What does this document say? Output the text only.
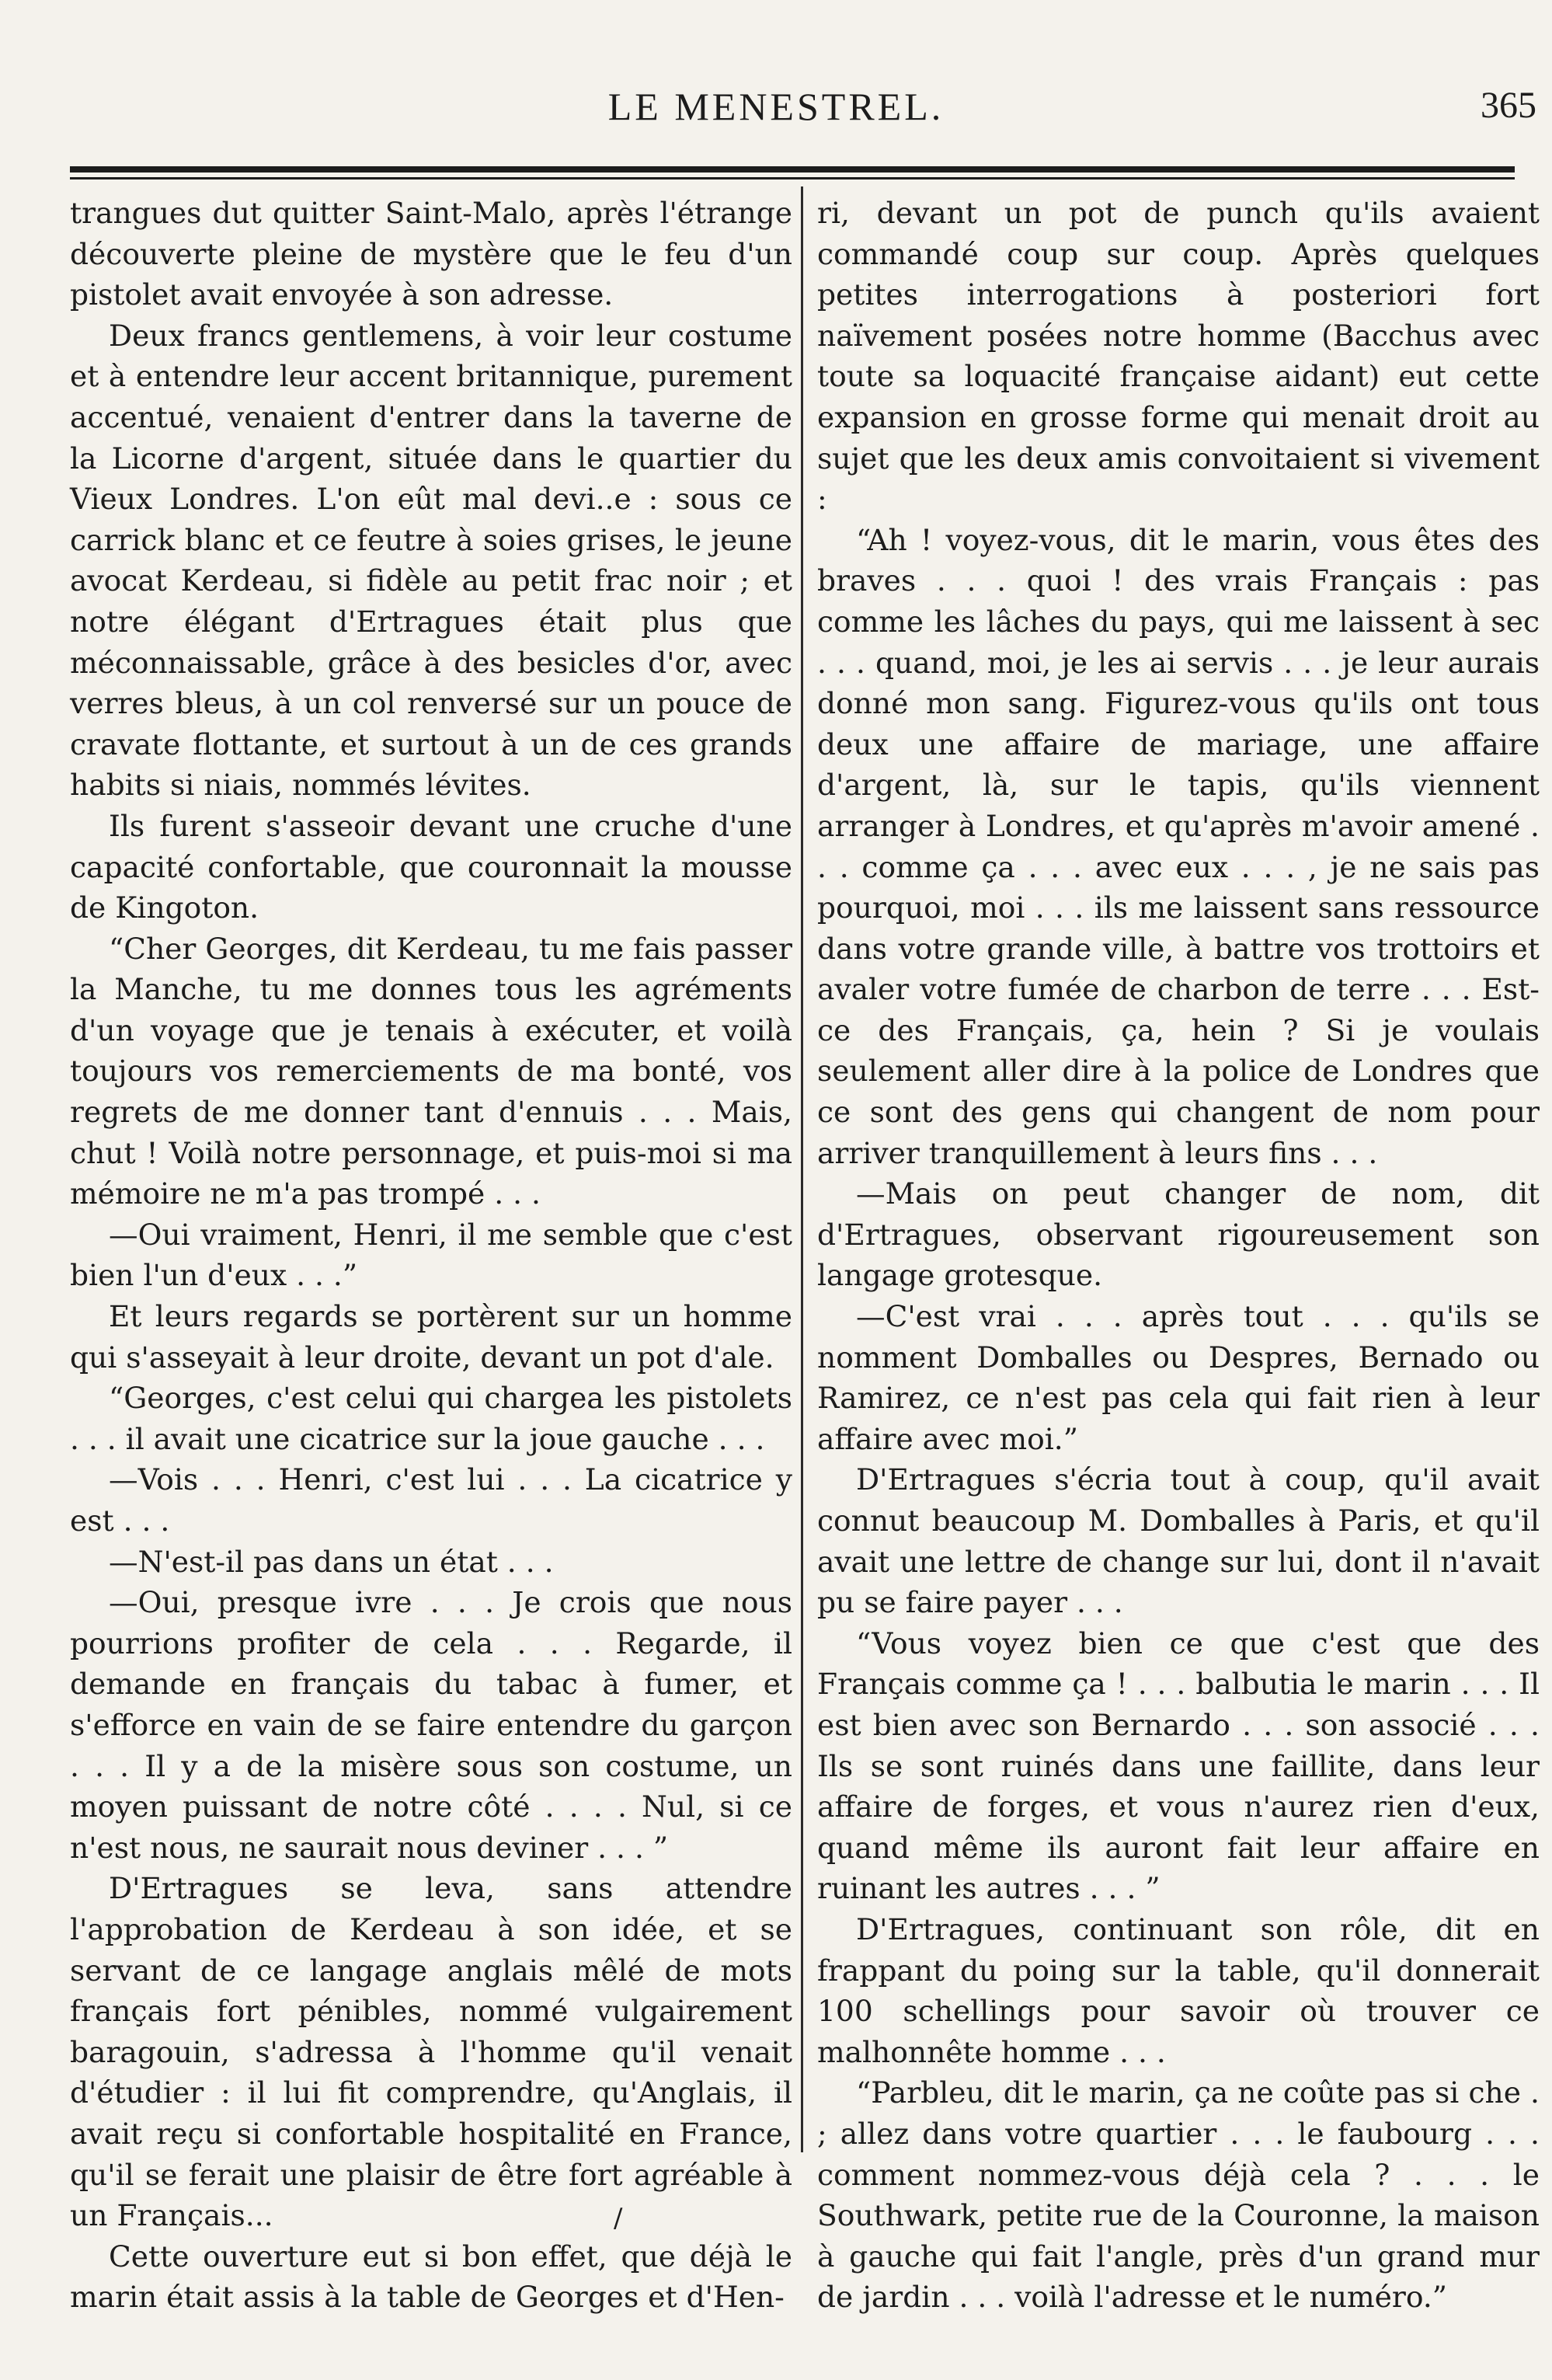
LE MENESTREL.	365

trangues dut quitter Saint-Malo, après l'étrange découverte pleine de mystère que le feu d'un pistolet avait envoyée à son adresse.

Deux francs gentlemens, à voir leur costume et à entendre leur accent britannique, purement accentué, venaient d'entrer dans la taverne de la Licorne d'argent, située dans le quartier du Vieux Londres. L'on eût mal devi..e : sous ce carrick blanc et ce feutre à soies grises, le jeune avocat Kerdeau, si fidèle au petit frac noir ; et notre élégant d'Ertragues était plus que méconnaissable, grâce à des besicles d'or, avec verres bleus, à un col renversé sur un pouce de cravate flottante, et surtout à un de ces grands habits si niais, nommés lévites.

Ils furent s'asseoir devant une cruche d'une capacité confortable, que couronnait la mousse de Kingoton.

“Cher Georges, dit Kerdeau, tu me fais passer la Manche, tu me donnes tous les agréments d'un voyage que je tenais à exécuter, et voilà toujours vos remerciements de ma bonté, vos regrets de me donner tant d'ennuis . . . Mais, chut ! Voilà notre personnage, et puis-moi si ma mémoire ne m'a pas trompé . . .

—Oui vraiment, Henri, il me semble que c'est bien l'un d'eux . . .”

Et leurs regards se portèrent sur un homme qui s'asseyait à leur droite, devant un pot d'ale.

“Georges, c'est celui qui chargea les pistolets . . . il avait une cicatrice sur la joue gauche . . .

—Vois . . . Henri, c'est lui . . . La cicatrice y est . . .

—N'est-il pas dans un état . . .

—Oui, presque ivre . . . Je crois que nous pourrions profiter de cela . . . Regarde, il demande en français du tabac à fumer, et s'efforce en vain de se faire entendre du garçon . . . Il y a de la misère sous son costume, un moyen puissant de notre côté . . . . Nul, si ce n'est nous, ne saurait nous deviner . . . ”

D'Ertragues se leva, sans attendre l'approbation de Kerdeau à son idée, et se servant de ce langage anglais mêlé de mots français fort pénibles, nommé vulgairement baragouin, s'adressa à l'homme qu'il venait d'étudier : il lui fit comprendre, qu'Anglais, il avait reçu si confortable hospitalité en France, qu'il se ferait une plaisir de être fort agréable à un Français...

Cette ouverture eut si bon effet, que déjà le marin était assis à la table de Georges et d'Hen-

ri, devant un pot de punch qu'ils avaient commandé coup sur coup. Après quelques petites interrogations à posteriori fort naïvement posées notre homme (Bacchus avec toute sa loquacité française aidant) eut cette expansion en grosse forme qui menait droit au sujet que les deux amis convoitaient si vivement :

“Ah ! voyez-vous, dit le marin, vous êtes des braves . . . quoi ! des vrais Français : pas comme les lâches du pays, qui me laissent à sec . . . quand, moi, je les ai servis . . . je leur aurais donné mon sang. Figurez-vous qu'ils ont tous deux une affaire de mariage, une affaire d'argent, là, sur le tapis, qu'ils viennent arranger à Londres, et qu'après m'avoir amené . . . comme ça . . . avec eux . . . , je ne sais pas pourquoi, moi . . . ils me laissent sans ressource dans votre grande ville, à battre vos trottoirs et avaler votre fumée de charbon de terre . . . Est-ce des Français, ça, hein ? Si je voulais seulement aller dire à la police de Londres que ce sont des gens qui changent de nom pour arriver tranquillement à leurs fins . . .

—Mais on peut changer de nom, dit d'Ertragues, observant rigoureusement son langage grotesque.

—C'est vrai . . . après tout . . . qu'ils se nomment Domballes ou Despres, Bernado ou Ramirez, ce n'est pas cela qui fait rien à leur affaire avec moi.”

D'Ertragues s'écria tout à coup, qu'il avait connut beaucoup M. Domballes à Paris, et qu'il avait une lettre de change sur lui, dont il n'avait pu se faire payer . . .

“Vous voyez bien ce que c'est que des Français comme ça ! . . . balbutia le marin . . . Il est bien avec son Bernardo . . . son associé . . . Ils se sont ruinés dans une faillite, dans leur affaire de forges, et vous n'aurez rien d'eux, quand même ils auront fait leur affaire en ruinant les autres . . . ”

D'Ertragues, continuant son rôle, dit en frappant du poing sur la table, qu'il donnerait 100 schellings pour savoir où trouver ce malhonnête homme . . .

“Parbleu, dit le marin, ça ne coûte pas si che . ; allez dans votre quartier . . . le faubourg . . . comment nommez-vous déjà cela ? . . . le Southwark, petite rue de la Couronne, la maison à gauche qui fait l'angle, près d'un grand mur de jardin . . . voilà l'adresse et le numéro.”

/
